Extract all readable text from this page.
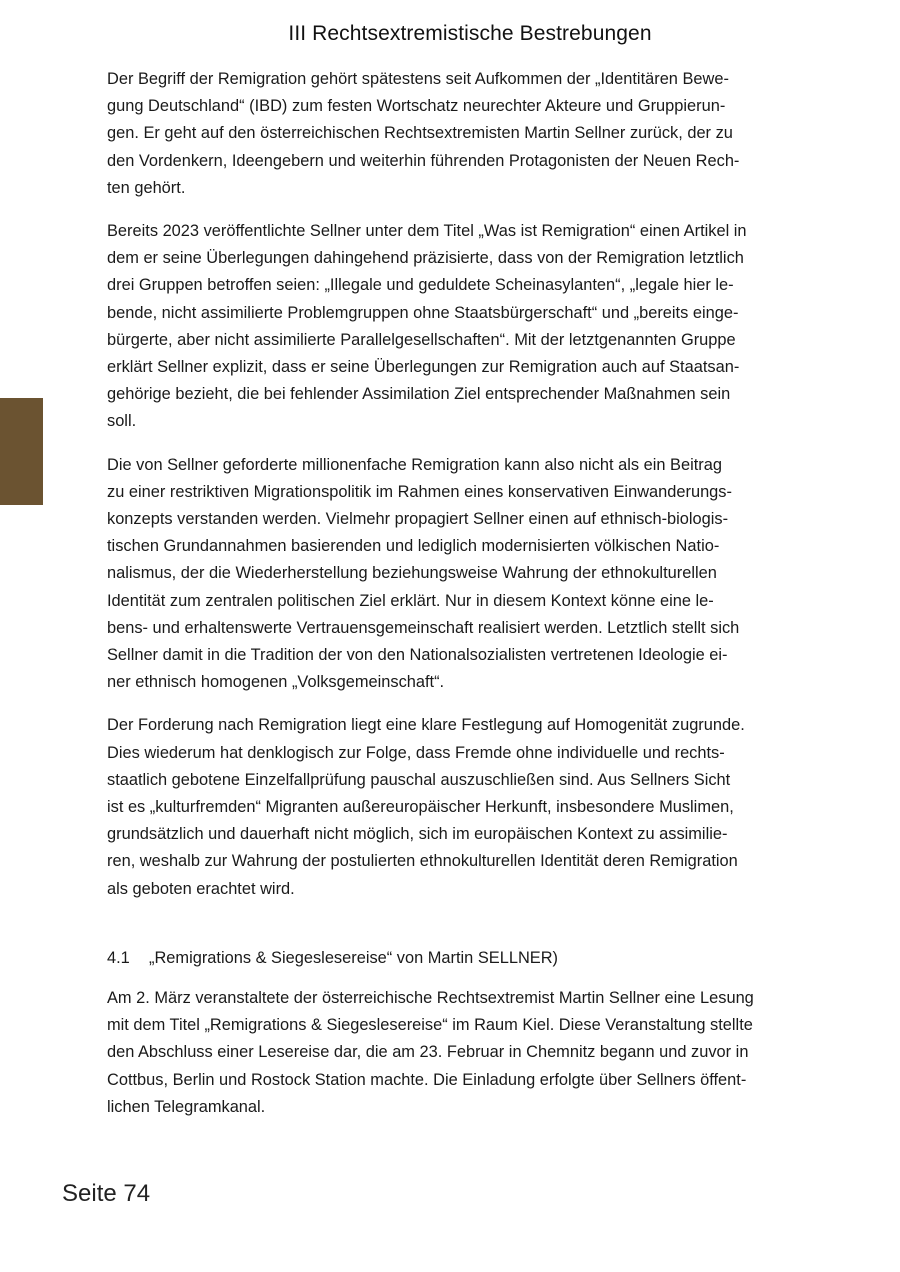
III Rechtsextremistische Bestrebungen

Der Begriff der Remigration gehört spätestens seit Aufkommen der „Identitären Bewe-
gung Deutschland“ (IBD) zum festen Wortschatz neurechter Akteure und Gruppierun-
gen. Er geht auf den österreichischen Rechtsextremisten Martin Sellner zurück, der zu
den Vordenkern, Ideengebern und weiterhin führenden Protagonisten der Neuen Rech-
ten gehört.

Bereits 2023 veröffentlichte Sellner unter dem Titel „Was ist Remigration“ einen Artikel in
dem er seine Überlegungen dahingehend präzisierte, dass von der Remigration letztlich
drei Gruppen betroffen seien: „Illegale und geduldete Scheinasylanten“, „legale hier le-
bende, nicht assimilierte Problemgruppen ohne Staatsbürgerschaft“ und „bereits einge-
bürgerte, aber nicht assimilierte Parallelgesellschaften“. Mit der letztgenannten Gruppe
erklärt Sellner explizit, dass er seine Überlegungen zur Remigration auch auf Staatsan-
gehörige bezieht, die bei fehlender Assimilation Ziel entsprechender Maßnahmen sein
soll.

Die von Sellner geforderte millionenfache Remigration kann also nicht als ein Beitrag
zu einer restriktiven Migrationspolitik im Rahmen eines konservativen Einwanderungs-
konzepts verstanden werden. Vielmehr propagiert Sellner einen auf ethnisch-biologis-
tischen Grundannahmen basierenden und lediglich modernisierten völkischen Natio-
nalismus, der die Wiederherstellung beziehungsweise Wahrung der ethnokulturellen
Identität zum zentralen politischen Ziel erklärt. Nur in diesem Kontext könne eine le-
bens- und erhaltenswerte Vertrauensgemeinschaft realisiert werden. Letztlich stellt sich
Sellner damit in die Tradition der von den Nationalsozialisten vertretenen Ideologie ei-
ner ethnisch homogenen „Volksgemeinschaft“.

Der Forderung nach Remigration liegt eine klare Festlegung auf Homogenität zugrunde.
Dies wiederum hat denklogisch zur Folge, dass Fremde ohne individuelle und rechts-
staatlich gebotene Einzelfallprüfung pauschal auszuschließen sind. Aus Sellners Sicht
ist es „kulturfremden“ Migranten außereuropäischer Herkunft, insbesondere Muslimen,
grundsätzlich und dauerhaft nicht möglich, sich im europäischen Kontext zu assimilie-
ren, weshalb zur Wahrung der postulierten ethnokulturellen Identität deren Remigration
als geboten erachtet wird.

4.1 „Remigrations & Siegeslesereise“ von Martin SELLNER)

Am 2. März veranstaltete der österreichische Rechtsextremist Martin Sellner eine Lesung
mit dem Titel „Remigrations & Siegeslesereise“ im Raum Kiel. Diese Veranstaltung stellte
den Abschluss einer Lesereise dar, die am 23. Februar in Chemnitz begann und zuvor in
Cottbus, Berlin und Rostock Station machte. Die Einladung erfolgte über Sellners öffent-
lichen Telegramkanal.

Seite 74
